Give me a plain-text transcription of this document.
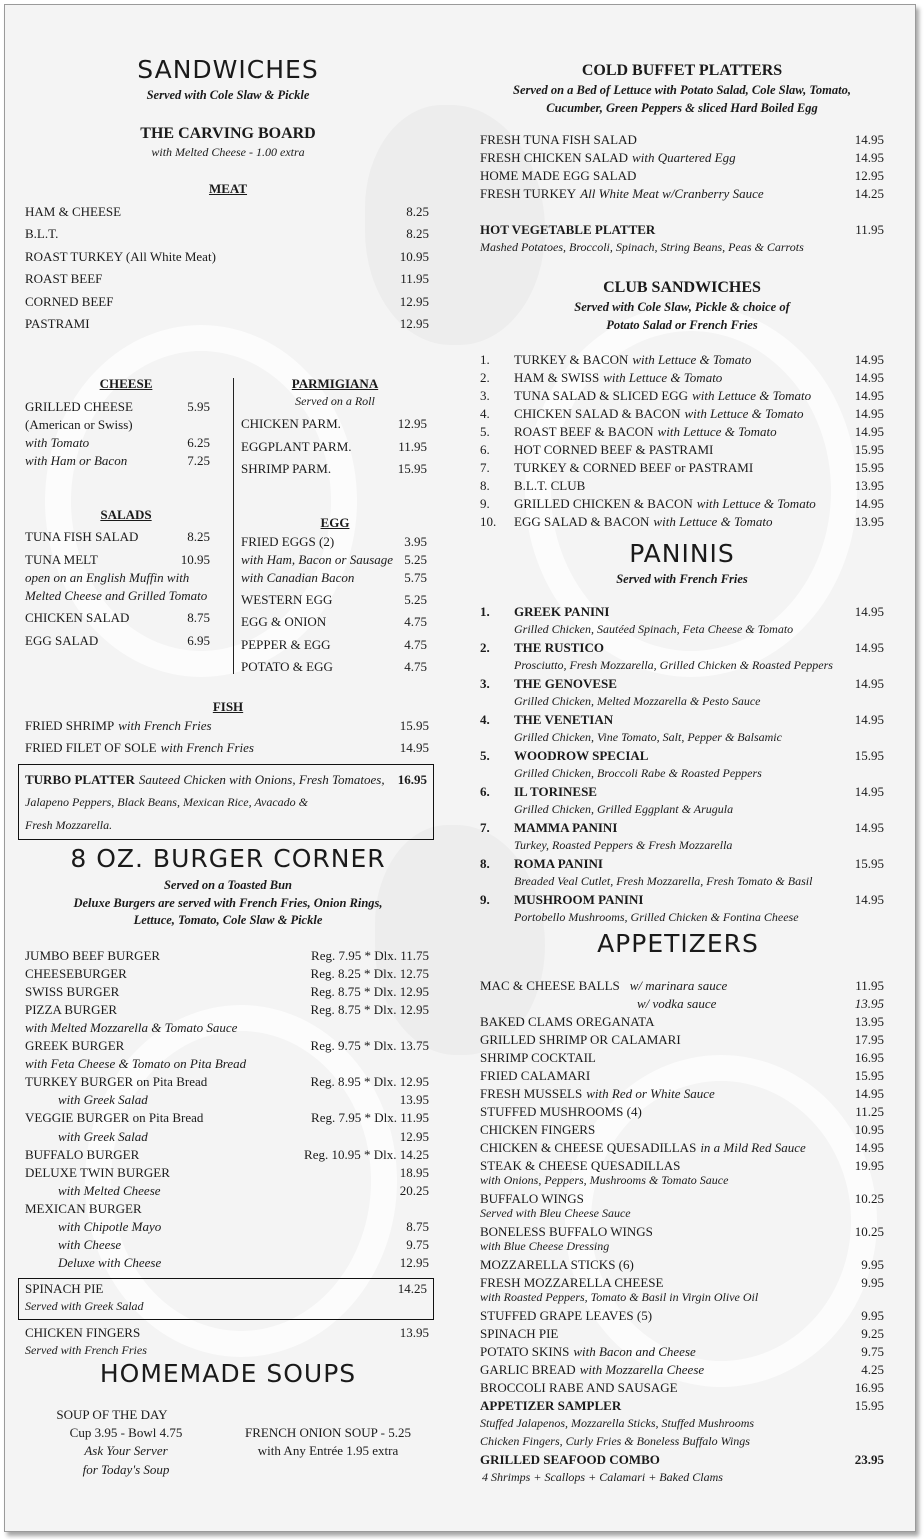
SANDWICHES
Served with Cole Slaw & Pickle
THE CARVING BOARD
with Melted Cheese - 1.00 extra
MEAT
HAM & CHEESE	8.25
B.L.T.	8.25
ROAST TURKEY (All White Meat)	10.95
ROAST BEEF	11.95
CORNED BEEF	12.95
PASTRAMI	12.95
CHEESE
GRILLED CHEESE	5.95
(American or Swiss)
with Tomato	6.25
with Ham or Bacon	7.25
SALADS
TUNA FISH SALAD	8.25
TUNA MELT	10.95
open on an English Muffin with
Melted Cheese and Grilled Tomato
CHICKEN SALAD	8.75
EGG SALAD	6.95
PARMIGIANA
Served on a Roll
CHICKEN PARM.	12.95
EGGPLANT PARM.	11.95
SHRIMP PARM.	15.95
EGG
FRIED EGGS (2)	3.95
with Ham, Bacon or Sausage 5.25
with Canadian Bacon	5.75
WESTERN EGG	5.25
EGG & ONION	4.75
PEPPER & EGG	4.75
POTATO & EGG	4.75
FISH
FRIED SHRIMP with French Fries	15.95
FRIED FILET OF SOLE with French Fries	14.95
TURBO PLATTER Sauteed Chicken with Onions, Fresh Tomatoes, 16.95
Jalapeno Peppers, Black Beans, Mexican Rice, Avacado &
Fresh Mozzarella.
8 OZ. BURGER CORNER
Served on a Toasted Bun
Deluxe Burgers are served with French Fries, Onion Rings,
Lettuce, Tomato, Cole Slaw & Pickle
JUMBO BEEF BURGER	Reg. 7.95 * Dlx. 11.75
CHEESEBURGER	Reg. 8.25 * Dlx. 12.75
SWISS BURGER	Reg. 8.75 * Dlx. 12.95
PIZZA BURGER	Reg. 8.75 * Dlx. 12.95
with Melted Mozzarella & Tomato Sauce
GREEK BURGER	Reg. 9.75 * Dlx. 13.75
with Feta Cheese & Tomato on Pita Bread
TURKEY BURGER on Pita Bread	Reg. 8.95 * Dlx. 12.95
with Greek Salad	13.95
VEGGIE BURGER on Pita Bread	Reg. 7.95 * Dlx. 11.95
with Greek Salad	12.95
BUFFALO BURGER	Reg. 10.95 * Dlx. 14.25
DELUXE TWIN BURGER	18.95
with Melted Cheese	20.25
MEXICAN BURGER
with Chipotle Mayo	8.75
with Cheese	9.75
Deluxe with Cheese	12.95
SPINACH PIE	14.25
Served with Greek Salad
CHICKEN FINGERS	13.95
Served with French Fries
HOMEMADE SOUPS
SOUP OF THE DAY
Cup 3.95 - Bowl 4.75
Ask Your Server
for Today's Soup
FRENCH ONION SOUP - 5.25
with Any Entrée 1.95 extra
COLD BUFFET PLATTERS
Served on a Bed of Lettuce with Potato Salad, Cole Slaw, Tomato,
Cucumber, Green Peppers & sliced Hard Boiled Egg
FRESH TUNA FISH SALAD	14.95
FRESH CHICKEN SALAD with Quartered Egg	14.95
HOME MADE EGG SALAD	12.95
FRESH TURKEY All White Meat w/Cranberry Sauce	14.25
HOT VEGETABLE PLATTER	11.95
Mashed Potatoes, Broccoli, Spinach, String Beans, Peas & Carrots
CLUB SANDWICHES
Served with Cole Slaw, Pickle & choice of
Potato Salad or French Fries
1. TURKEY & BACON with Lettuce & Tomato	14.95
2. HAM & SWISS with Lettuce & Tomato	14.95
3. TUNA SALAD & SLICED EGG with Lettuce & Tomato	14.95
4. CHICKEN SALAD & BACON with Lettuce & Tomato	14.95
5. ROAST BEEF & BACON with Lettuce & Tomato	14.95
6. HOT CORNED BEEF & PASTRAMI	15.95
7. TURKEY & CORNED BEEF or PASTRAMI	15.95
8. B.L.T. CLUB	13.95
9. GRILLED CHICKEN & BACON with Lettuce & Tomato	14.95
10. EGG SALAD & BACON with Lettuce & Tomato	13.95
PANINIS
Served with French Fries
1. GREEK PANINI	14.95
Grilled Chicken, Sautéed Spinach, Feta Cheese & Tomato
2. THE RUSTICO	14.95
Prosciutto, Fresh Mozzarella, Grilled Chicken & Roasted Peppers
3. THE GENOVESE	14.95
Grilled Chicken, Melted Mozzarella & Pesto Sauce
4. THE VENETIAN	14.95
Grilled Chicken, Vine Tomato, Salt, Pepper & Balsamic
5. WOODROW SPECIAL	15.95
Grilled Chicken, Broccoli Rabe & Roasted Peppers
6. IL TORINESE	14.95
Grilled Chicken, Grilled Eggplant & Arugula
7. MAMMA PANINI	14.95
Turkey, Roasted Peppers & Fresh Mozzarella
8. ROMA PANINI	15.95
Breaded Veal Cutlet, Fresh Mozzarella, Fresh Tomato & Basil
9. MUSHROOM PANINI	14.95
Portobello Mushrooms, Grilled Chicken & Fontina Cheese
APPETIZERS
MAC & CHEESE BALLS w/ marinara sauce	11.95
w/ vodka sauce	13.95
BAKED CLAMS OREGANATA	13.95
GRILLED SHRIMP OR CALAMARI	17.95
SHRIMP COCKTAIL	16.95
FRIED CALAMARI	15.95
FRESH MUSSELS with Red or White Sauce	14.95
STUFFED MUSHROOMS (4)	11.25
CHICKEN FINGERS	10.95
CHICKEN & CHEESE QUESADILLAS in a Mild Red Sauce	14.95
STEAK & CHEESE QUESADILLAS
with Onions, Peppers, Mushrooms & Tomato Sauce
19.95
BUFFALO WINGS
Served with Bleu Cheese Sauce
10.25
BONELESS BUFFALO WINGS
with Blue Cheese Dressing
10.25
MOZZARELLA STICKS (6)	9.95
FRESH MOZZARELLA CHEESE
with Roasted Peppers, Tomato & Basil in Virgin Olive Oil
9.95
STUFFED GRAPE LEAVES (5)	9.95
SPINACH PIE	9.25
POTATO SKINS with Bacon and Cheese	9.75
GARLIC BREAD with Mozzarella Cheese	4.25
BROCCOLI RABE AND SAUSAGE	16.95
APPETIZER SAMPLER	15.95
Stuffed Jalapenos, Mozzarella Sticks, Stuffed Mushrooms
Chicken Fingers, Curly Fries & Boneless Buffalo Wings
GRILLED SEAFOOD COMBO	23.95
4 Shrimps + Scallops + Calamari + Baked Clams
